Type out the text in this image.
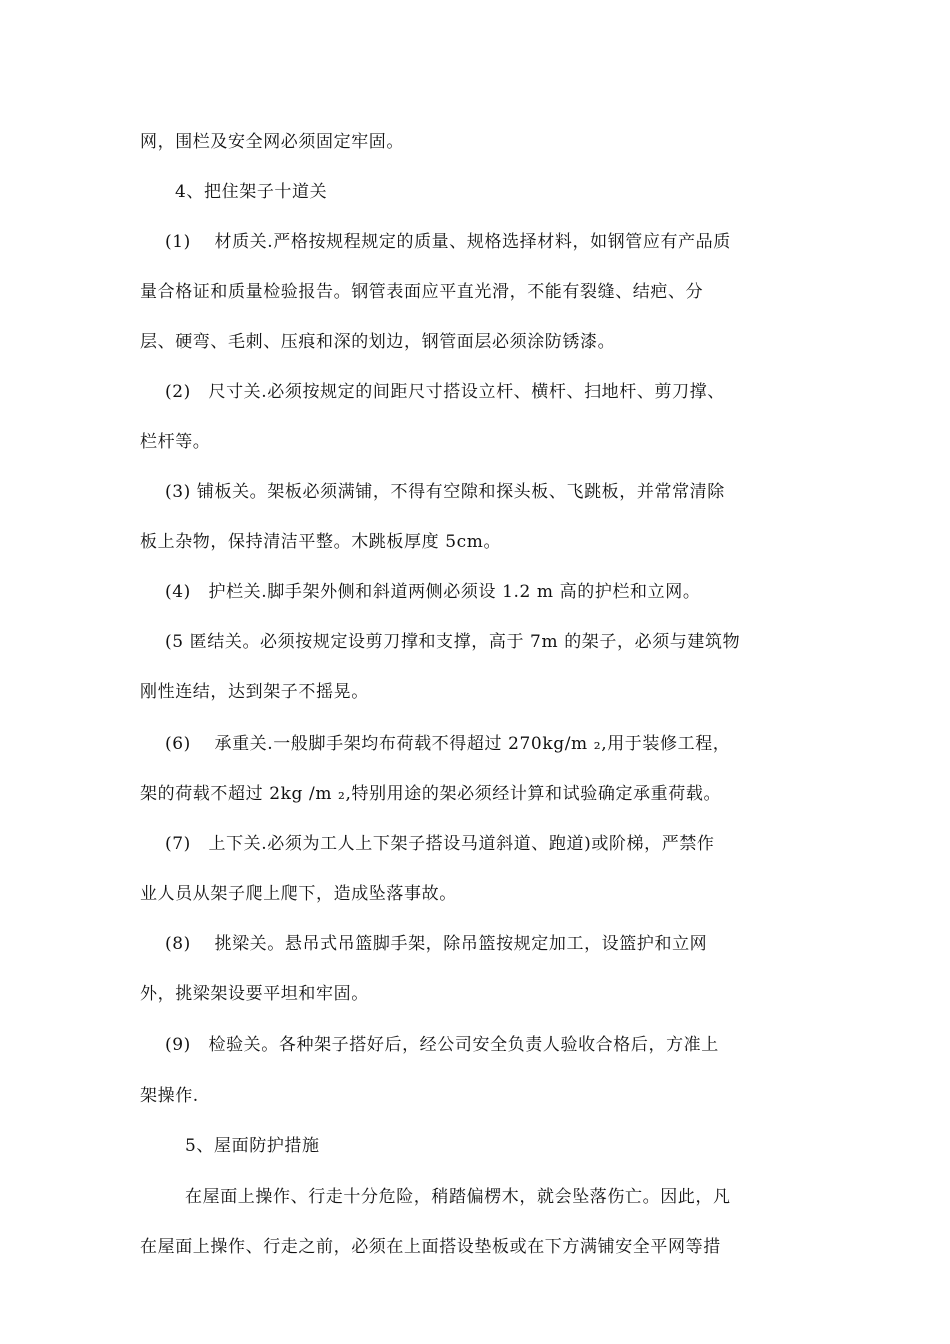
网，围栏及安全网必须固定牢固。
4、把住架子十道关
(1)　 材质关.严格按规程规定的质量、规格选择材料，如钢管应有产品质
量合格证和质量检验报告。钢管表面应平直光滑，不能有裂缝、结疤、分
层、硬弯、毛刺、压痕和深的划边，钢管面层必须涂防锈漆。
(2)　尺寸关.必须按规定的间距尺寸搭设立杆、横杆、扫地杆、剪刀撑、
栏杆等。
(3) 铺板关。架板必须满铺，不得有空隙和探头板、飞跳板，并常常清除
板上杂物，保持清洁平整。木跳板厚度 5cm。
(4)　护栏关.脚手架外侧和斜道两侧必须设 1.2 m 高的护栏和立网。
(5 匿结关。必须按规定设剪刀撑和支撑，高于 7m 的架子，必须与建筑物
刚性连结，达到架子不摇晃。
(6)　 承重关.一般脚手架均布荷载不得超过 270kg/m ₂,用于装修工程，
架的荷载不超过 2kg /m ₂,特别用途的架必须经计算和试验确定承重荷载。
(7)　上下关.必须为工人上下架子搭设马道斜道、跑道)或阶梯，严禁作
业人员从架子爬上爬下，造成坠落事故。
(8)　 挑梁关。悬吊式吊篮脚手架，除吊篮按规定加工，设篮护和立网
外，挑梁架设要平坦和牢固。
(9)　检验关。各种架子搭好后，经公司安全负责人验收合格后，方准上
架操作.
5、屋面防护措施
在屋面上操作、行走十分危险，稍踏偏楞木，就会坠落伤亡。因此，凡
在屋面上操作、行走之前，必须在上面搭设垫板或在下方满铺安全平网等措
